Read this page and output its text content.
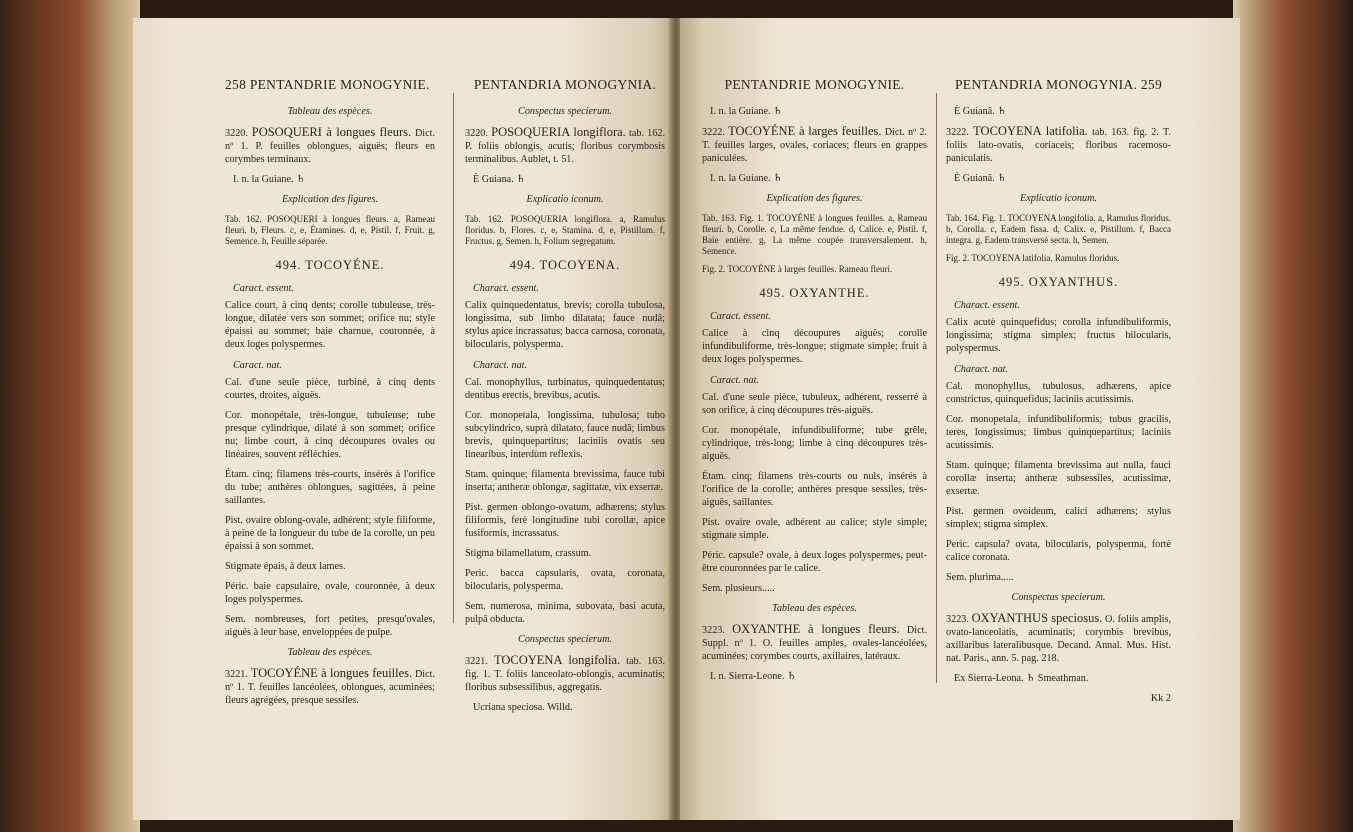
258 PENTANDRIE MONOGYNIE.
Tableau des espèces.

3220. POSOQUERI à longues fleurs. Dict. nº 1. P. feuilles oblongues, aiguës; fleurs en corymbes terminaux.

I. n. la Guiane. ♄

Explication des figures.

Tab. 162. POSOQUERI à longues fleurs. a, Rameau fleuri. b, Fleurs. c, e, Étamines. d, e, Pistil. f, Fruit. g, Semence. h, Feuille séparée.

494. TOCOYÉNE.
Caract. essent.

Calice court, à cinq dents; corolle tubuleuse, très-longue, dilatée vers son sommet; orifice nu; style épaissi au sommet; baie charnue, couronnée, à deux loges polyspermes.

Caract. nat.

Cal. d'une seule pièce, turbiné, à cinq dents courtes, droites, aiguës.

Cor. monopétale, très-longue, tubuleuse; tube presque cylindrique, dilaté à son sommet; orifice nu; limbe court, à cinq découpures ovales ou linéaires, souvent réfléchies.

Étam. cinq; filamens très-courts, insérés à l'orifice du tube; anthères oblongues, sagittées, à peine saillantes.

Pist. ovaire oblong-ovale, adhérent; style filiforme, à peine de la longueur du tube de la corolle, un peu épaissi à son sommet.

Stigmate épais, à deux lames.

Péric. baie capsulaire, ovale, couronnée, à deux loges polyspermes.

Sem. nombreuses, fort petites, presqu'ovales, aiguës à leur base, enveloppées de pulpe.

Tableau des espèces.

3221. TOCOYÉNE à longues feuilles. Dict. nº 1. T. feuilles lancéolées, oblongues, acuminées; fleurs agrégées, presque sessiles.

PENTANDRIA MONOGYNIA.
Conspectus specierum.

3220. POSOQUERIA longiflora. tab. 162. P. foliis oblongis, acutis; floribus corymbosis terminalibus. Aublet, t. 51.

È Guiana. ♄

Explicatio iconum.

Tab. 162. POSOQUERIA longiflora. a, Ramulus floridus. b, Flores. c, e, Stamina. d, e, Pistillum. f, Fructus. g, Semen. h, Folium segregatum.

494. TOCOYENA.
Charact. essent.

Calix quinquedentatus, brevis; corolla tubulosa, longissima, sub limbo dilatata; fauce nudâ; stylus apice incrassatus; bacca carnosa, coronata, bilocularis, polysperma.

Charact. nat.

Cal. monophyllus, turbinatus, quinquedentatus; dentibus erectis, brevibus, acutis.

Cor. monopetala, longissima, tubulosa; tubo subcylindrico, suprà dilatato, fauce nudâ; limbus brevis, quinquepartitus; laciniis ovatis seu linearibus, interdùm reflexis.

Stam. quinque; filamenta brevissima, fauce tubi inserta; antheræ oblongæ, sagittatæ, vix exsertæ.

Pist. germen oblongo-ovatum, adhærens; stylus filiformis, ferè longitudine tubi corollæ, apice fusiformis, incrassatus.

Stigma bilamellatum, crassum.

Peric. bacca capsularis, ovata, coronata, bilocularis, polysperma.

Sem. numerosa, minima, subovata, basi acuta, pulpâ obducta.

Conspectus specierum.

3221. TOCOYENA longifolia. tab. 163. fig. 1. T. foliis lanceolato-oblongis, acuminatis; floribus subsessilibus, aggregatis.

Ucriana speciosa. Willd.

PENTANDRIE MONOGYNIE.

I. n. la Guiane. ♄

3222. TOCOYÉNE à larges feuilles. Dict. nº 2. T. feuilles larges, ovales, coriaces; fleurs en grappes paniculées.

I. n. la Guiane. ♄

Explication des figures.

Tab. 163. Fig. 1. TOCOYÉNE à longues feuilles. a, Rameau fleuri. b, Corolle. c, La même fendue. d, Calice. e, Pistil. f, Baie entière. g, La même coupée transversalement. h, Semence.

Fig. 2. TOCOYÉNE à larges feuilles. Rameau fleuri.

495. OXYANTHE.
Caract. essent.

Calice à cinq découpures aiguës; corolle infundibuliforme, très-longue; stigmate simple; fruit à deux loges polyspermes.

Caract. nat.

Cal. d'une seule pièce, tubuleux, adhérent, resserré à son orifice, à cinq découpures très-aiguës.

Cor. monopétale, infundibuliforme; tube grêle, cylindrique, très-long; limbe à cinq découpures très-aiguës.

Étam. cinq; filamens très-courts ou nuls, insérés à l'orifice de la corolle; anthères presque sessiles, très-aiguës, saillantes.

Pist. ovaire ovale, adhérent au calice; style simple; stigmate simple.

Péric. capsule? ovale, à deux loges polyspermes, peut-être couronnées par le calice.

Sem. plusieurs.....

Tableau des espèces.

3223. OXYANTHE à longues fleurs. Dict. Suppl. nº 1. O. feuilles amples, ovales-lancéolées, acuminées; corymbes courts, axillaires, latéraux.

I. n. Sierra-Leone. ♄

PENTANDRIA MONOGYNIA. 259

È Guianâ. ♄

3222. TOCOYENA latifolia. tab. 163. fig. 2. T. foliis lato-ovatis, coriaceis; floribus racemoso-paniculatis.

È Guianâ. ♄

Explicatio iconum.

Tab. 164. Fig. 1. TOCOYENA longifolia. a, Ramulus floridus. b, Corolla. c, Eadem fissa. d, Calix. e, Pistillum. f, Bacca integra. g, Eadem transversè secta. h, Semen.

Fig. 2. TOCOYENA latifolia. Ramulus floridus.

495. OXYANTHUS.
Charact. essent.

Calix acutè quinquefidus; corolla infundibuliformis, longissima; stigma simplex; fructus bilocularis, polyspermus.

Charact. nat.

Cal. monophyllus, tubulosus, adhærens, apice constrictus, quinquefidus; laciniis acutissimis.

Cor. monopetala, infundibuliformis; tubus gracilis, teres, longissimus; limbus quinquepartitus; laciniis acutissimis.

Stam. quinque; filamenta brevissima aut nulla, fauci corollæ inserta; antheræ subsessiles, acutissimæ, exsertæ.

Pist. germen ovoideum, calici adhærens; stylus simplex; stigma simplex.

Peric. capsula? ovata, bilocularis, polysperma, fortè calice coronata.

Sem. plurima.....

Conspectus specierum.

3223. OXYANTHUS speciosus. O. foliis amplis, ovato-lanceolatis, acuminatis; corymbis brevibus, axillaribus lateralibusque. Decand. Annal. Mus. Hist. nat. Paris., ann. 5. pag. 218.

Ex Sierra-Leona. ♄ Smeathman.

Kk 2
